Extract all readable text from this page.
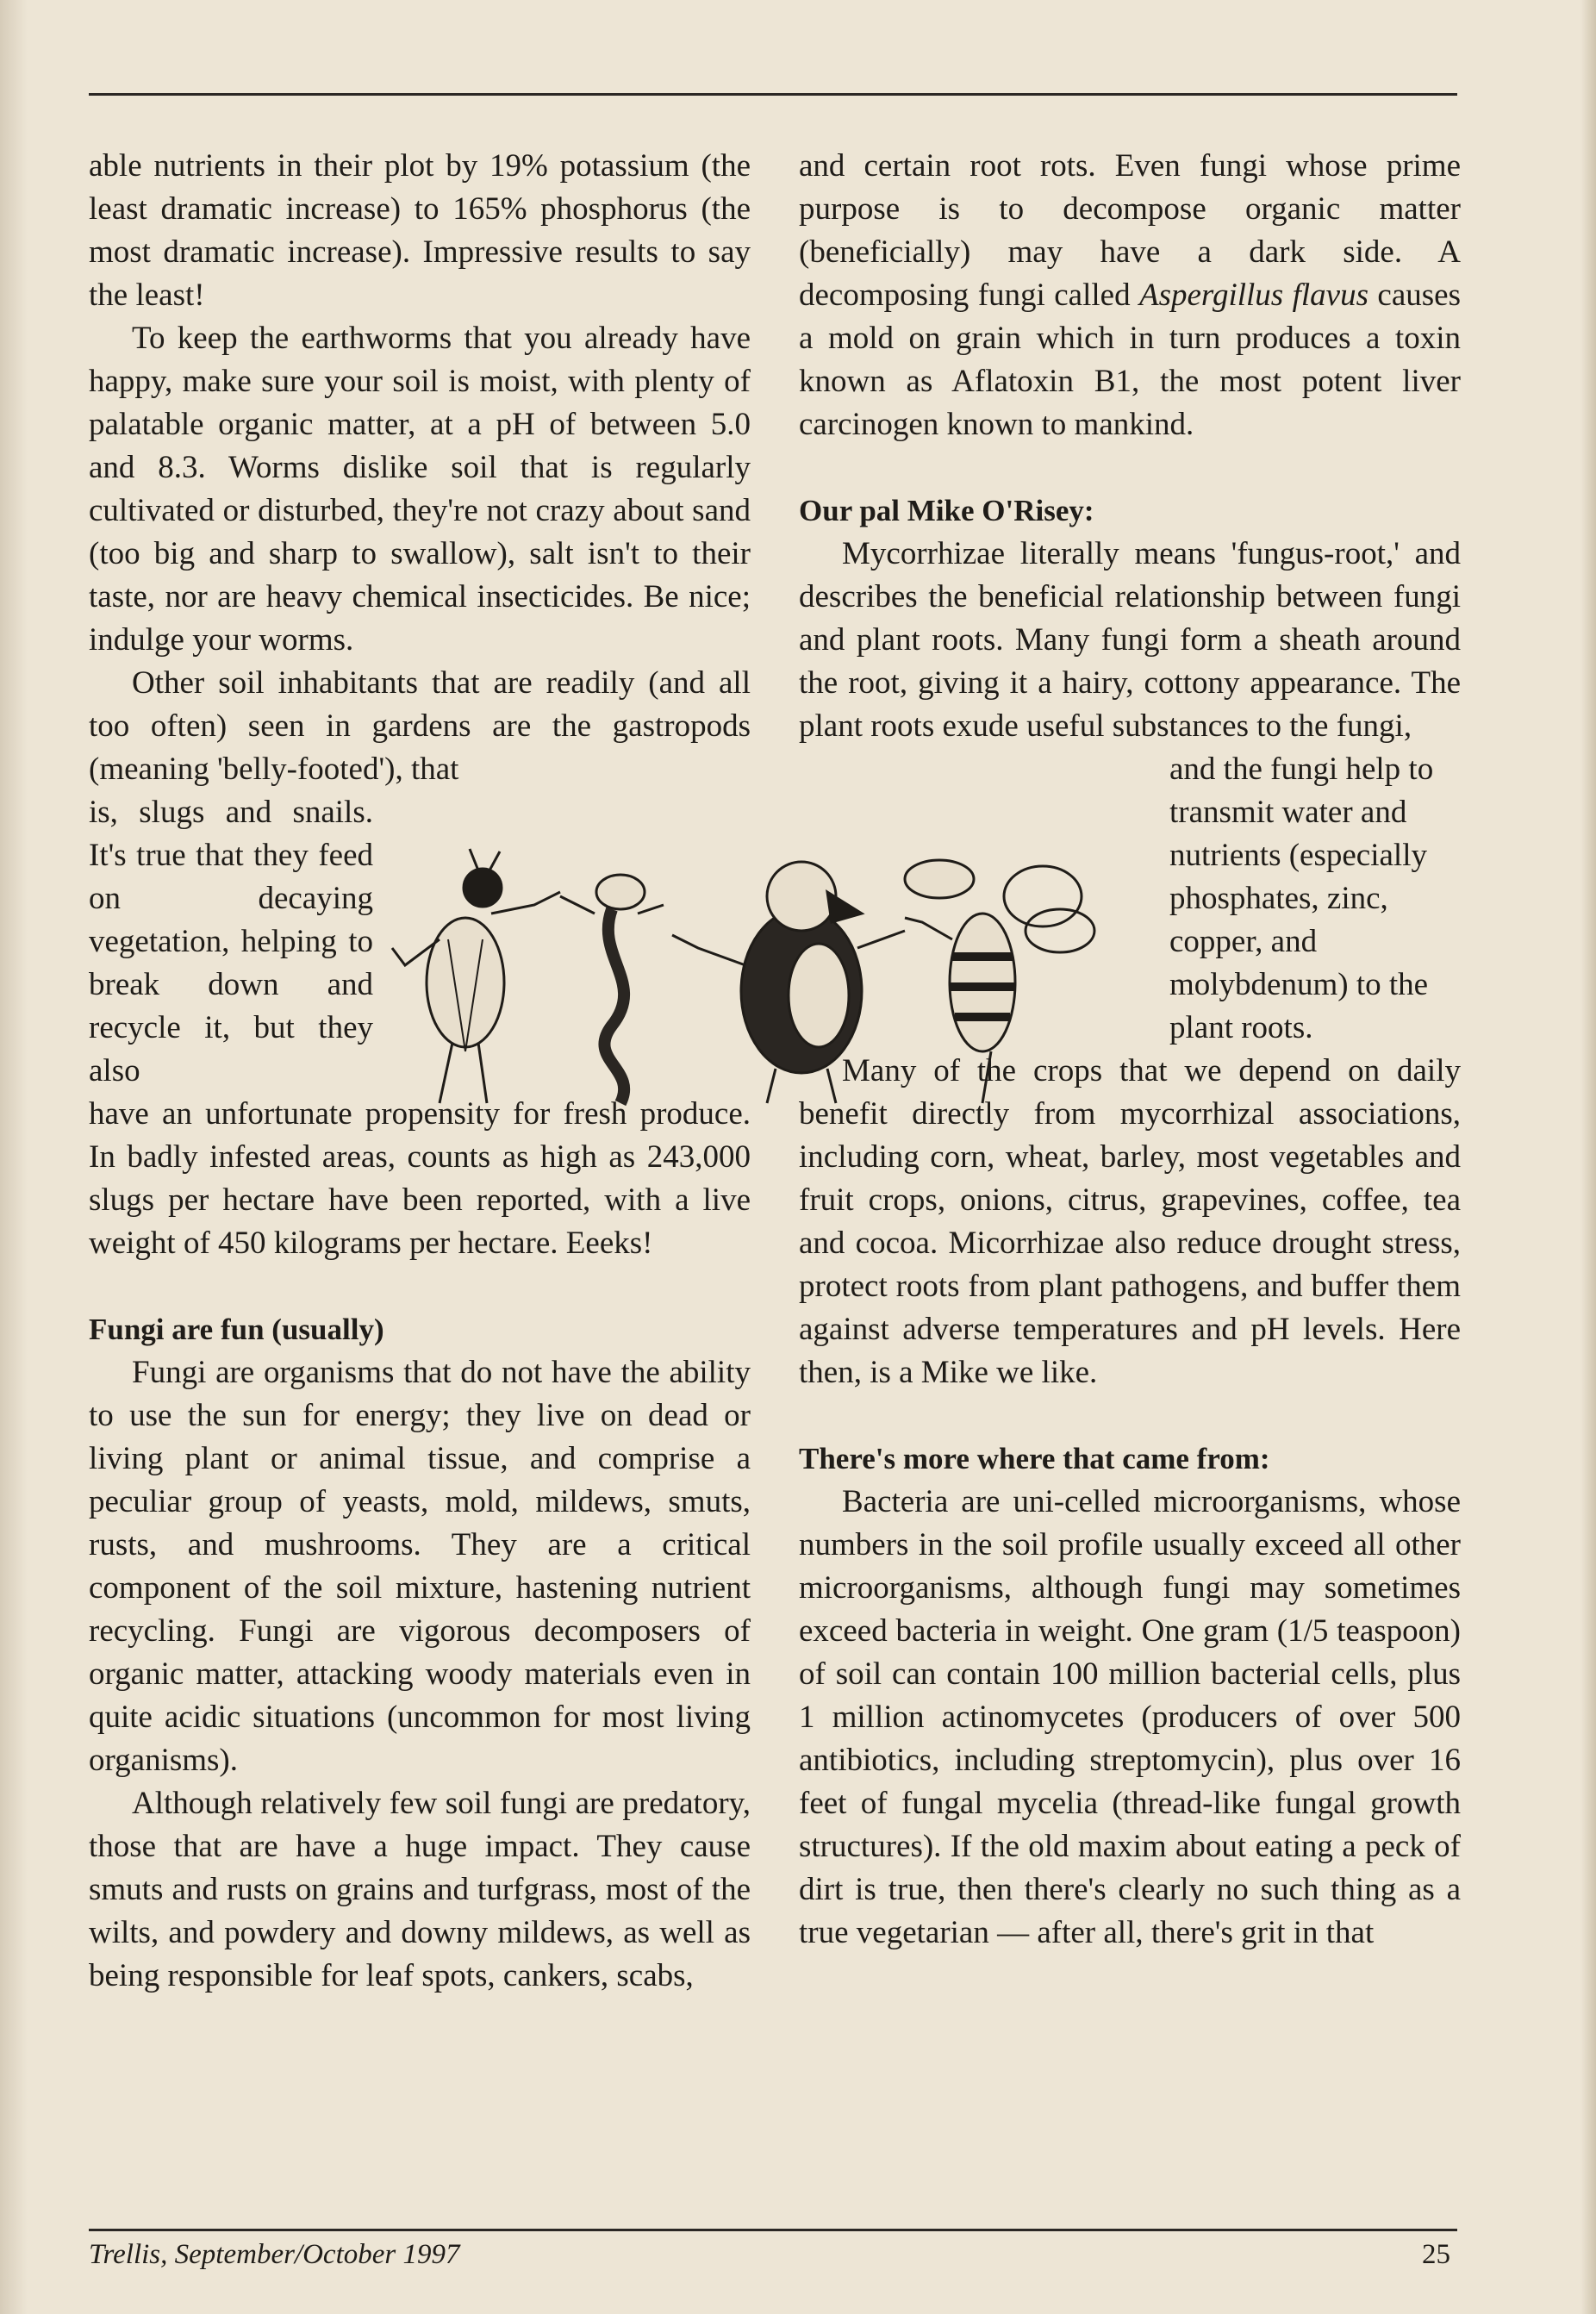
able nutrients in their plot by 19% potassium (the least dramatic increase) to 165% phosphorus (the most dramatic increase). Impressive results to say the least!

To keep the earthworms that you already have happy, make sure your soil is moist, with plenty of palatable organic matter, at a pH of between 5.0 and 8.3. Worms dislike soil that is regularly cultivated or disturbed, they're not crazy about sand (too big and sharp to swallow), salt isn't to their taste, nor are heavy chemical insecticides. Be nice; indulge your worms.

Other soil inhabitants that are readily (and all too often) seen in gardens are the gastropods (meaning 'belly-footed'), that

is, slugs and snails. It's true that they feed on decaying vegetation, helping to break down and recycle it, but they also

have an unfortunate propensity for fresh produce. In badly infested areas, counts as high as 243,000 slugs per hectare have been reported, with a live weight of 450 kilograms per hectare. Eeeks!

Fungi are fun (usually)

Fungi are organisms that do not have the ability to use the sun for energy; they live on dead or living plant or animal tissue, and comprise a peculiar group of yeasts, mold, mildews, smuts, rusts, and mushrooms. They are a critical component of the soil mixture, hastening nutrient recycling. Fungi are vigorous decomposers of organic matter, attacking woody materials even in quite acidic situations (uncommon for most living organisms).

Although relatively few soil fungi are predatory, those that are have a huge impact. They cause smuts and rusts on grains and turfgrass, most of the wilts, and powdery and downy mildews, as well as being responsible for leaf spots, cankers, scabs,

and certain root rots. Even fungi whose prime purpose is to decompose organic matter (beneficially) may have a dark side. A decomposing fungi called Aspergillus flavus causes a mold on grain which in turn produces a toxin known as Aflatoxin B1, the most potent liver carcinogen known to mankind.

Our pal Mike O'Risey:

Mycorrhizae literally means 'fungus-root,' and describes the beneficial relationship between fungi and plant roots. Many fungi form a sheath around the root, giving it a hairy, cottony appearance. The plant roots exude useful substances to the fungi,

and the fungi help to transmit water and nutrients (especially phosphates, zinc, copper, and molybdenum) to the plant roots.

Many of the crops that we depend on daily benefit directly from mycorrhizal associations, including corn, wheat, barley, most vegetables and fruit crops, onions, citrus, grapevines, coffee, tea and cocoa. Micorrhizae also reduce drought stress, protect roots from plant pathogens, and buffer them against adverse temperatures and pH levels. Here then, is a Mike we like.

There's more where that came from:

Bacteria are uni-celled microorganisms, whose numbers in the soil profile usually exceed all other microorganisms, although fungi may sometimes exceed bacteria in weight. One gram (1/5 teaspoon) of soil can contain 100 million bacterial cells, plus 1 million actinomycetes (producers of over 500 antibiotics, including streptomycin), plus over 16 feet of fungal mycelia (thread-like fungal growth structures). If the old maxim about eating a peck of dirt is true, then there's clearly no such thing as a true vegetarian — after all, there's grit in that

Trellis, September/October 1997	25
